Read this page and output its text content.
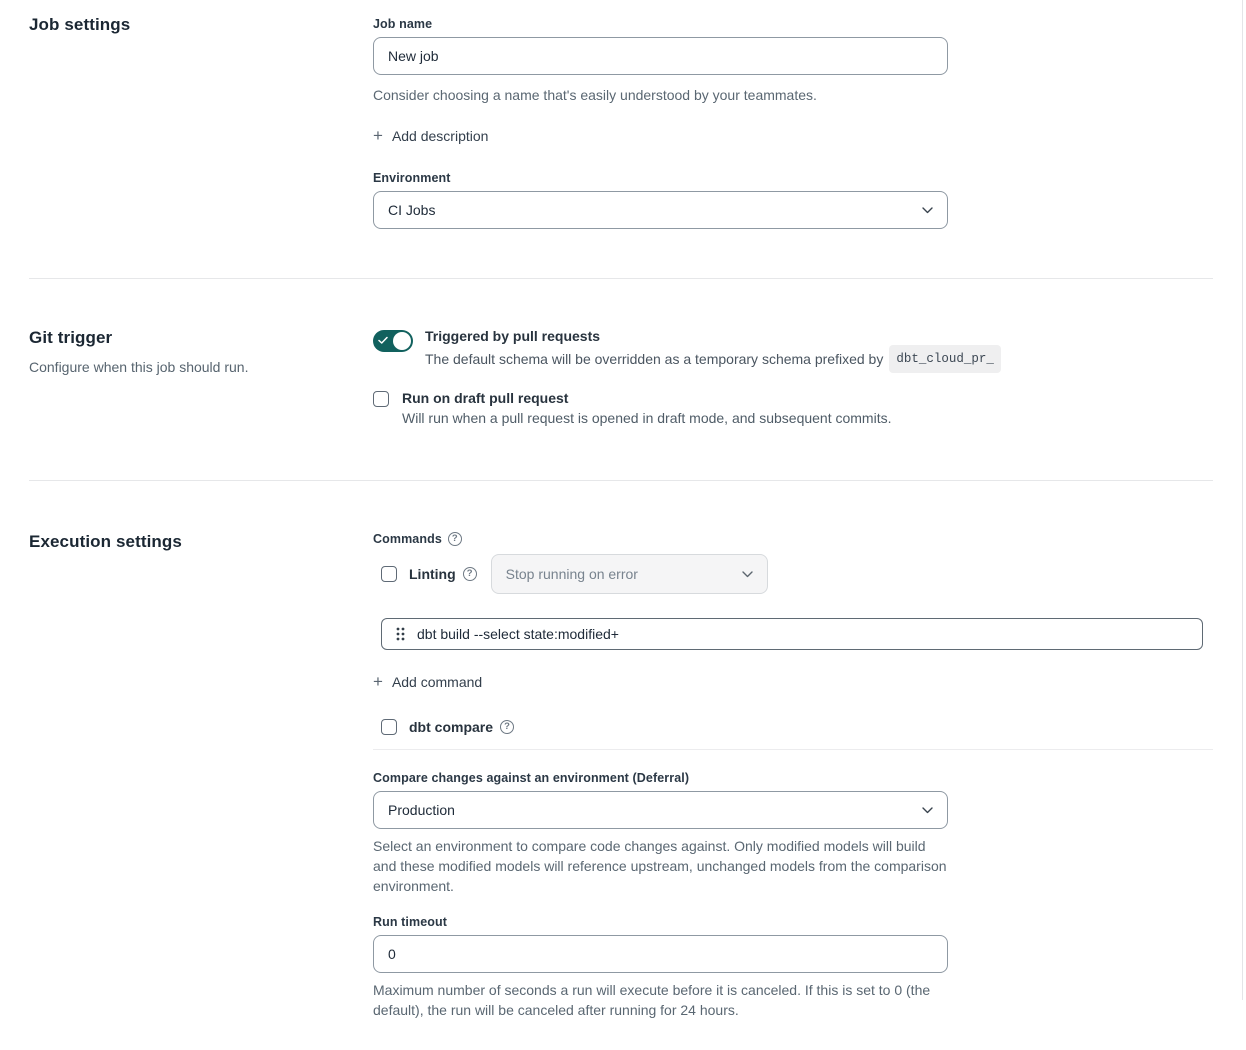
Job settings	Job name
New job
Consider choosing a name that's easily understood by your teammates.
+ Add description
Environment
CI Jobs
Git trigger
Configure when this job should run.
Triggered by pull requests
The default schema will be overridden as a temporary schema prefixed by	dbt_cloud_pr_
Run on draft pull request
Will run when a pull request is opened in draft mode, and subsequent commits.
Execution settings	Commands	?
Linting	? Stop running on error
dbt build --select state:modified+
+ Add command
dbt compare	?
Compare changes against an environment (Deferral)
Production
Select an environment to compare code changes against. Only modified models will build and these modified models will reference upstream, unchanged models from the comparison environment.
Run timeout
0
Maximum number of seconds a run will execute before it is canceled. If this is set to 0 (the default), the run will be canceled after running for 24 hours.
